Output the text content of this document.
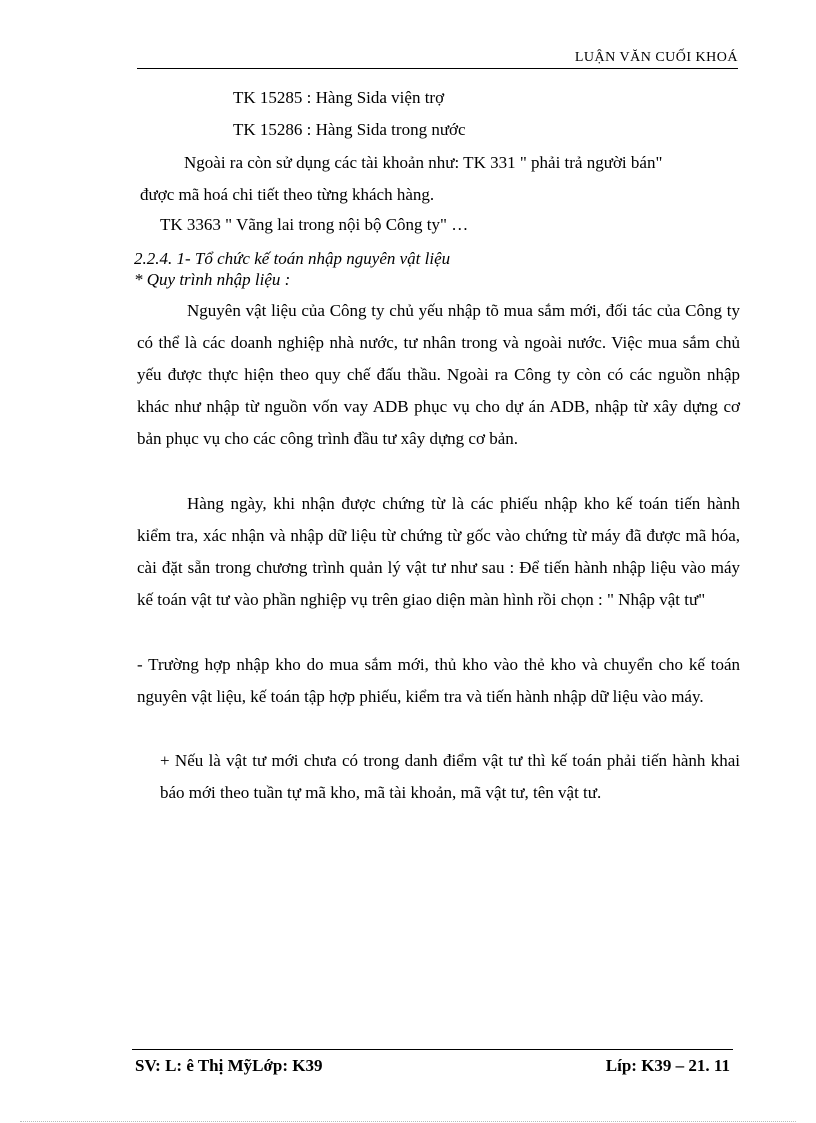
LUẬN VĂN CUỐI KHOÁ
TK 15285 : Hàng Sida viện trợ
TK 15286 : Hàng Sida trong nước
Ngoài ra còn sử dụng các tài khoản như: TK 331 " phải trả người bán"
được mã hoá chi tiết theo từng khách hàng.
TK 3363 " Vãng lai trong nội bộ Công ty" …
2.2.4. 1- Tổ chức kế toán nhập nguyên vật liệu
* Quy trình nhập liệu :
Nguyên vật liệu của Công ty chủ yếu nhập tõ mua sắm mới, đối tác của Công ty có thể là các doanh nghiệp nhà nước, tư nhân trong và ngoài nước. Việc mua sắm chủ yếu được thực hiện theo quy chế đấu thầu. Ngoài ra Công ty còn có các nguồn nhập khác như nhập từ nguồn vốn vay ADB phục vụ cho dự án ADB, nhập từ xây dựng cơ bản phục vụ cho các công trình đầu tư xây dựng cơ bản.
Hàng ngày, khi nhận được chứng từ là các phiếu nhập kho kế toán tiến hành kiểm tra, xác nhận và nhập dữ liệu từ chứng từ gốc vào chứng từ máy đã được mã hóa, cài đặt sẵn trong chương trình quản lý vật tư như sau : Để tiến hành nhập liệu vào máy kế toán vật tư vào phần nghiệp vụ trên giao diện màn hình rồi chọn : " Nhập vật tư"
- Trường hợp nhập kho do mua sắm mới, thủ kho vào thẻ kho và chuyển cho kế toán nguyên vật liệu, kế toán tập hợp phiếu, kiểm tra và tiến hành nhập dữ liệu vào máy.
+ Nếu là vật tư mới chưa có trong danh điểm vật tư thì kế toán phải tiến hành khai báo mới theo tuần tự mã kho, mã tài khoản, mã vật tư, tên vật tư.
SV: L: ê Thị MỹLớp: K39	Líp: K39 – 21. 11
